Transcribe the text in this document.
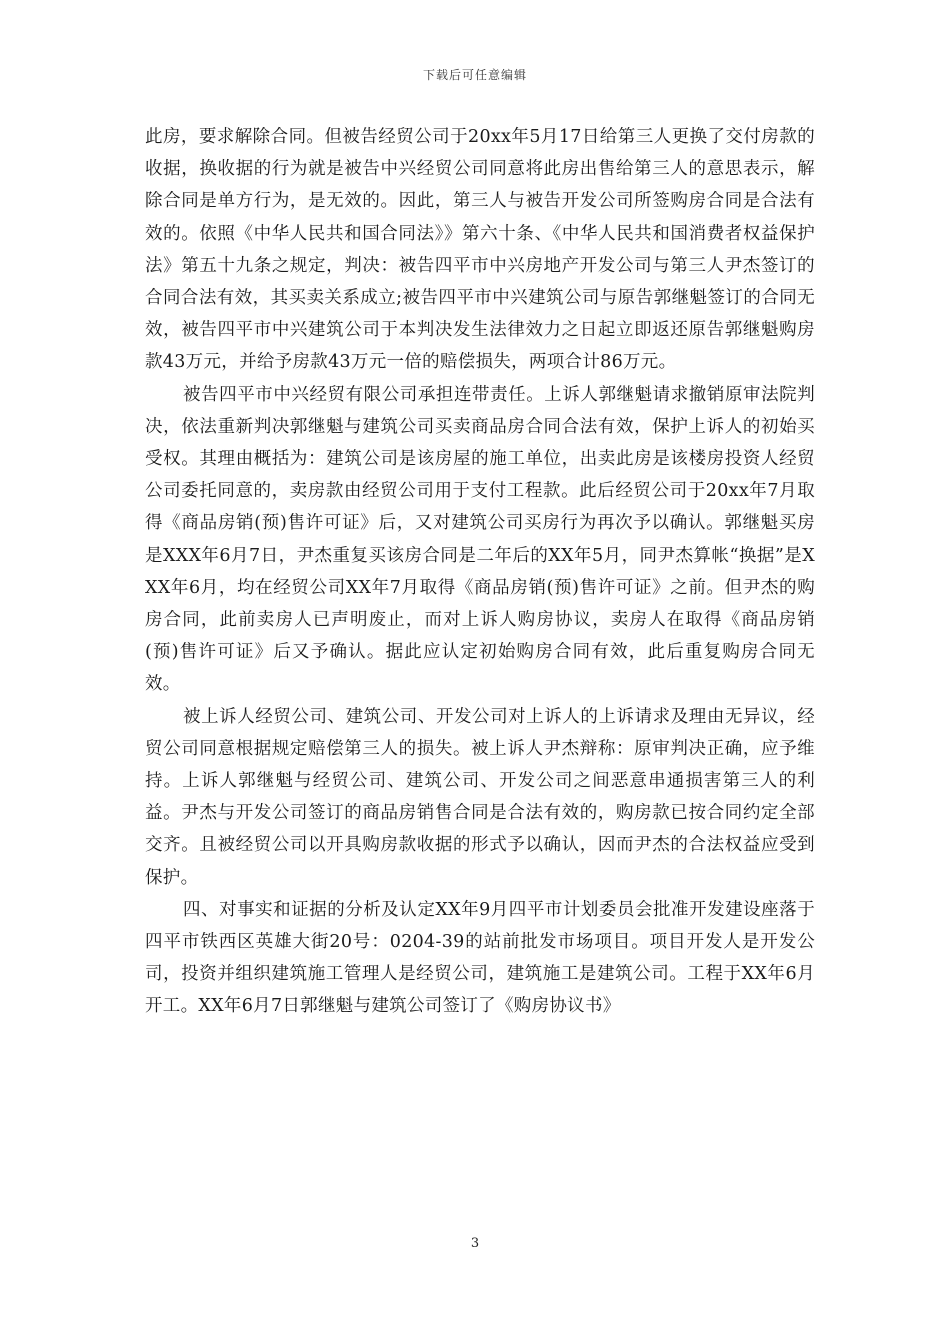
下载后可任意编辑

此房，要求解除合同。但被告经贸公司于20xx年5月17日给第三人更换了交付房款的收据，换收据的行为就是被告中兴经贸公司同意将此房出售给第三人的意思表示，解除合同是单方行为，是无效的。因此，第三人与被告开发公司所签购房合同是合法有效的。依照《中华人民共和国合同法》》第六十条、《中华人民共和国消费者权益保护法》第五十九条之规定，判决：被告四平市中兴房地产开发公司与第三人尹杰签订的合同合法有效，其买卖关系成立;被告四平市中兴建筑公司与原告郭继魁签订的合同无效，被告四平市中兴建筑公司于本判决发生法律效力之日起立即返还原告郭继魁购房款43万元，并给予房款43万元一倍的赔偿损失，两项合计86万元。

被告四平市中兴经贸有限公司承担连带责任。上诉人郭继魁请求撤销原审法院判决，依法重新判决郭继魁与建筑公司买卖商品房合同合法有效，保护上诉人的初始买受权。其理由概括为：建筑公司是该房屋的施工单位，出卖此房是该楼房投资人经贸公司委托同意的，卖房款由经贸公司用于支付工程款。此后经贸公司于20xx年7月取得《商品房销(预)售许可证》后，又对建筑公司买房行为再次予以确认。郭继魁买房是XXX年6月7日，尹杰重复买该房合同是二年后的XX年5月，同尹杰算帐“换据”是XXX年6月，均在经贸公司XX年7月取得《商品房销(预)售许可证》之前。但尹杰的购房合同，此前卖房人已声明废止，而对上诉人购房协议，卖房人在取得《商品房销(预)售许可证》后又予确认。据此应认定初始购房合同有效，此后重复购房合同无效。

被上诉人经贸公司、建筑公司、开发公司对上诉人的上诉请求及理由无异议，经贸公司同意根据规定赔偿第三人的损失。被上诉人尹杰辩称：原审判决正确，应予维持。上诉人郭继魁与经贸公司、建筑公司、开发公司之间恶意串通损害第三人的利益。尹杰与开发公司签订的商品房销售合同是合法有效的，购房款已按合同约定全部交齐。且被经贸公司以开具购房款收据的形式予以确认，因而尹杰的合法权益应受到保护。

四、对事实和证据的分析及认定XX年9月四平市计划委员会批准开发建设座落于四平市铁西区英雄大街20号：0204-39的站前批发市场项目。项目开发人是开发公司，投资并组织建筑施工管理人是经贸公司，建筑施工是建筑公司。工程于XX年6月开工。XX年6月7日郭继魁与建筑公司签订了《购房协议书》

3
